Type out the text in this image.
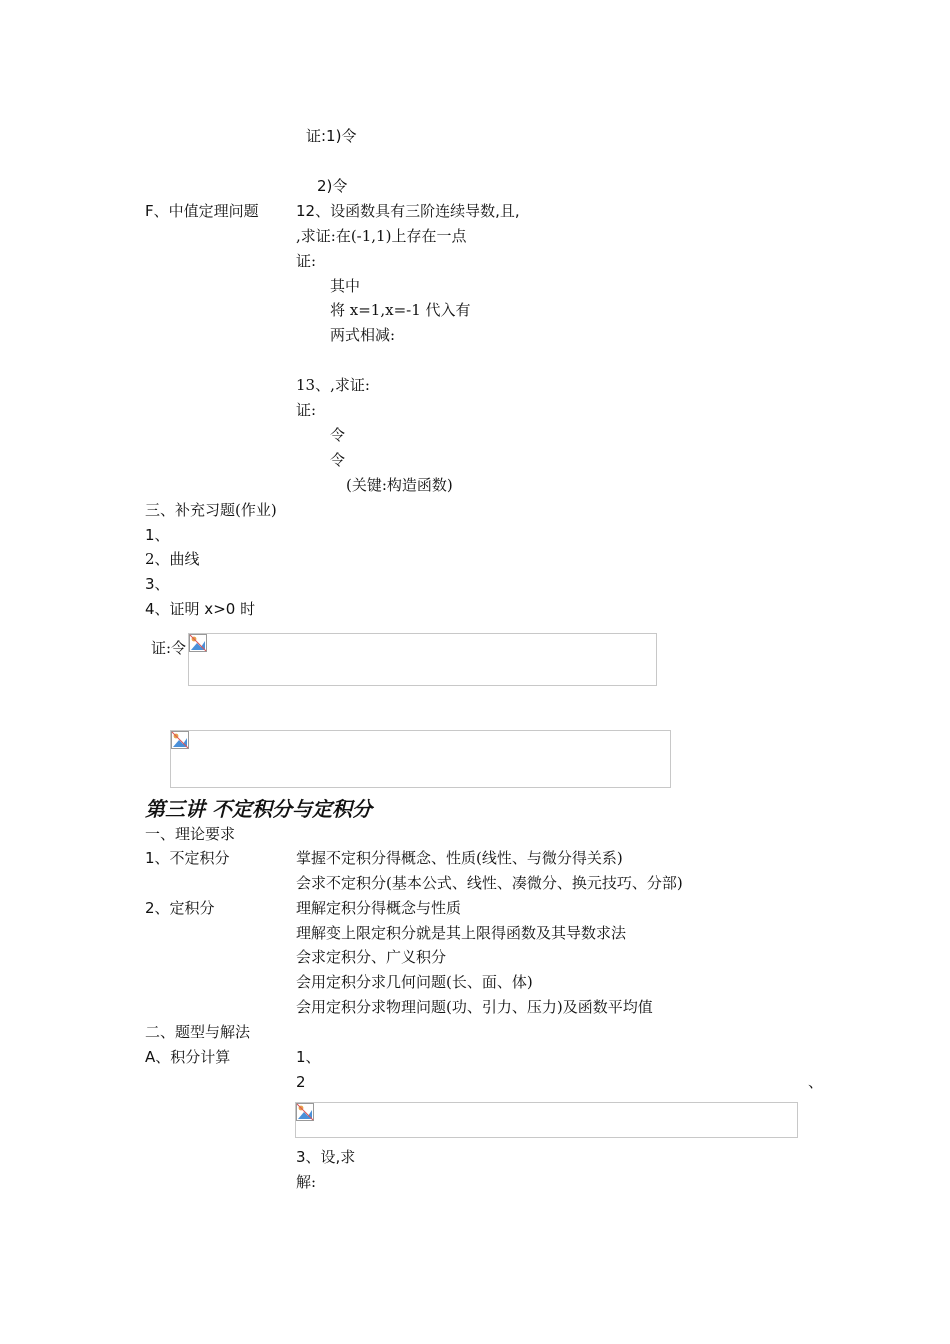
证:1)令
2)令
F、中值定理问题 12、设函数具有三阶连续导数,且,
,求证:在(-1,1)上存在一点
证:
其中
将 x=1,x=-1 代入有
两式相减:
13、,求证:
证:
令
令
(关键:构造函数)
三、补充习题(作业)
1、
2、曲线
3、
4、证明 x>0 时
证:令
第三讲 不定积分与定积分
一、理论要求
1、不定积分	掌握不定积分得概念、性质(线性、与微分得关系)
会求不定积分(基本公式、线性、凑微分、换元技巧、分部)
2、定积分	理解定积分得概念与性质
理解变上限定积分就是其上限得函数及其导数求法
会求定积分、广义积分
会用定积分求几何问题(长、面、体)
会用定积分求物理问题(功、引力、压力)及函数平均值
二、题型与解法
A、积分计算	1、
2	、
3、设,求
解:
